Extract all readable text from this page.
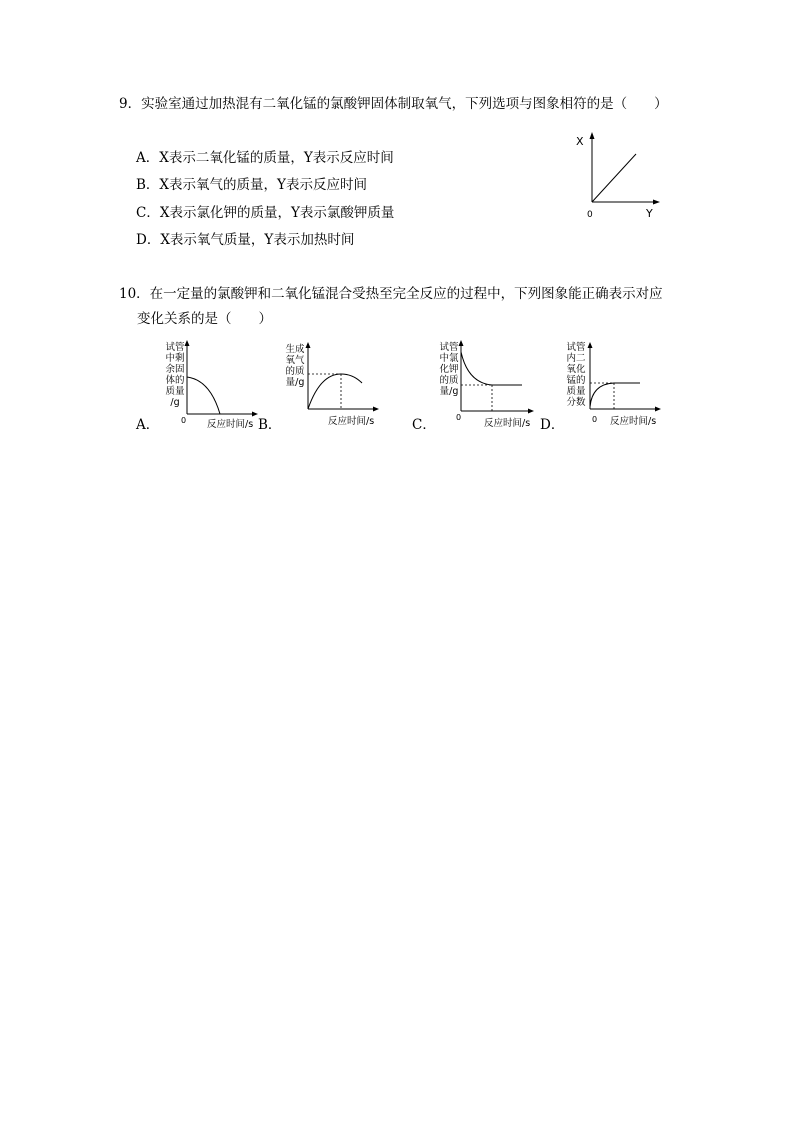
9．实验室通过加热混有二氧化锰的氯酸钾固体制取氧气，下列选项与图象相符的是（　　）
A．X表示二氧化锰的质量，Y表示反应时间
B．X表示氧气的质量，Y表示反应时间
C．X表示氯化钾的质量，Y表示氯酸钾质量
D．X表示氧气质量，Y表示加热时间
X
Y
0
10．在一定量的氯酸钾和二氧化锰混合受热至完全反应的过程中，下列图象能正确表示对应
变化关系的是（　　）
A．
试管
中剩
余固
体的
质量
/g
0 反应时间/s B．
生成
氧气
的质
量/g
反应时间/s	C．
试管
中氯
化钾
的质
量/g
0
反应时间/s D．
试管
内二
氧化
锰的
质量
分数
0 反应时间/s
